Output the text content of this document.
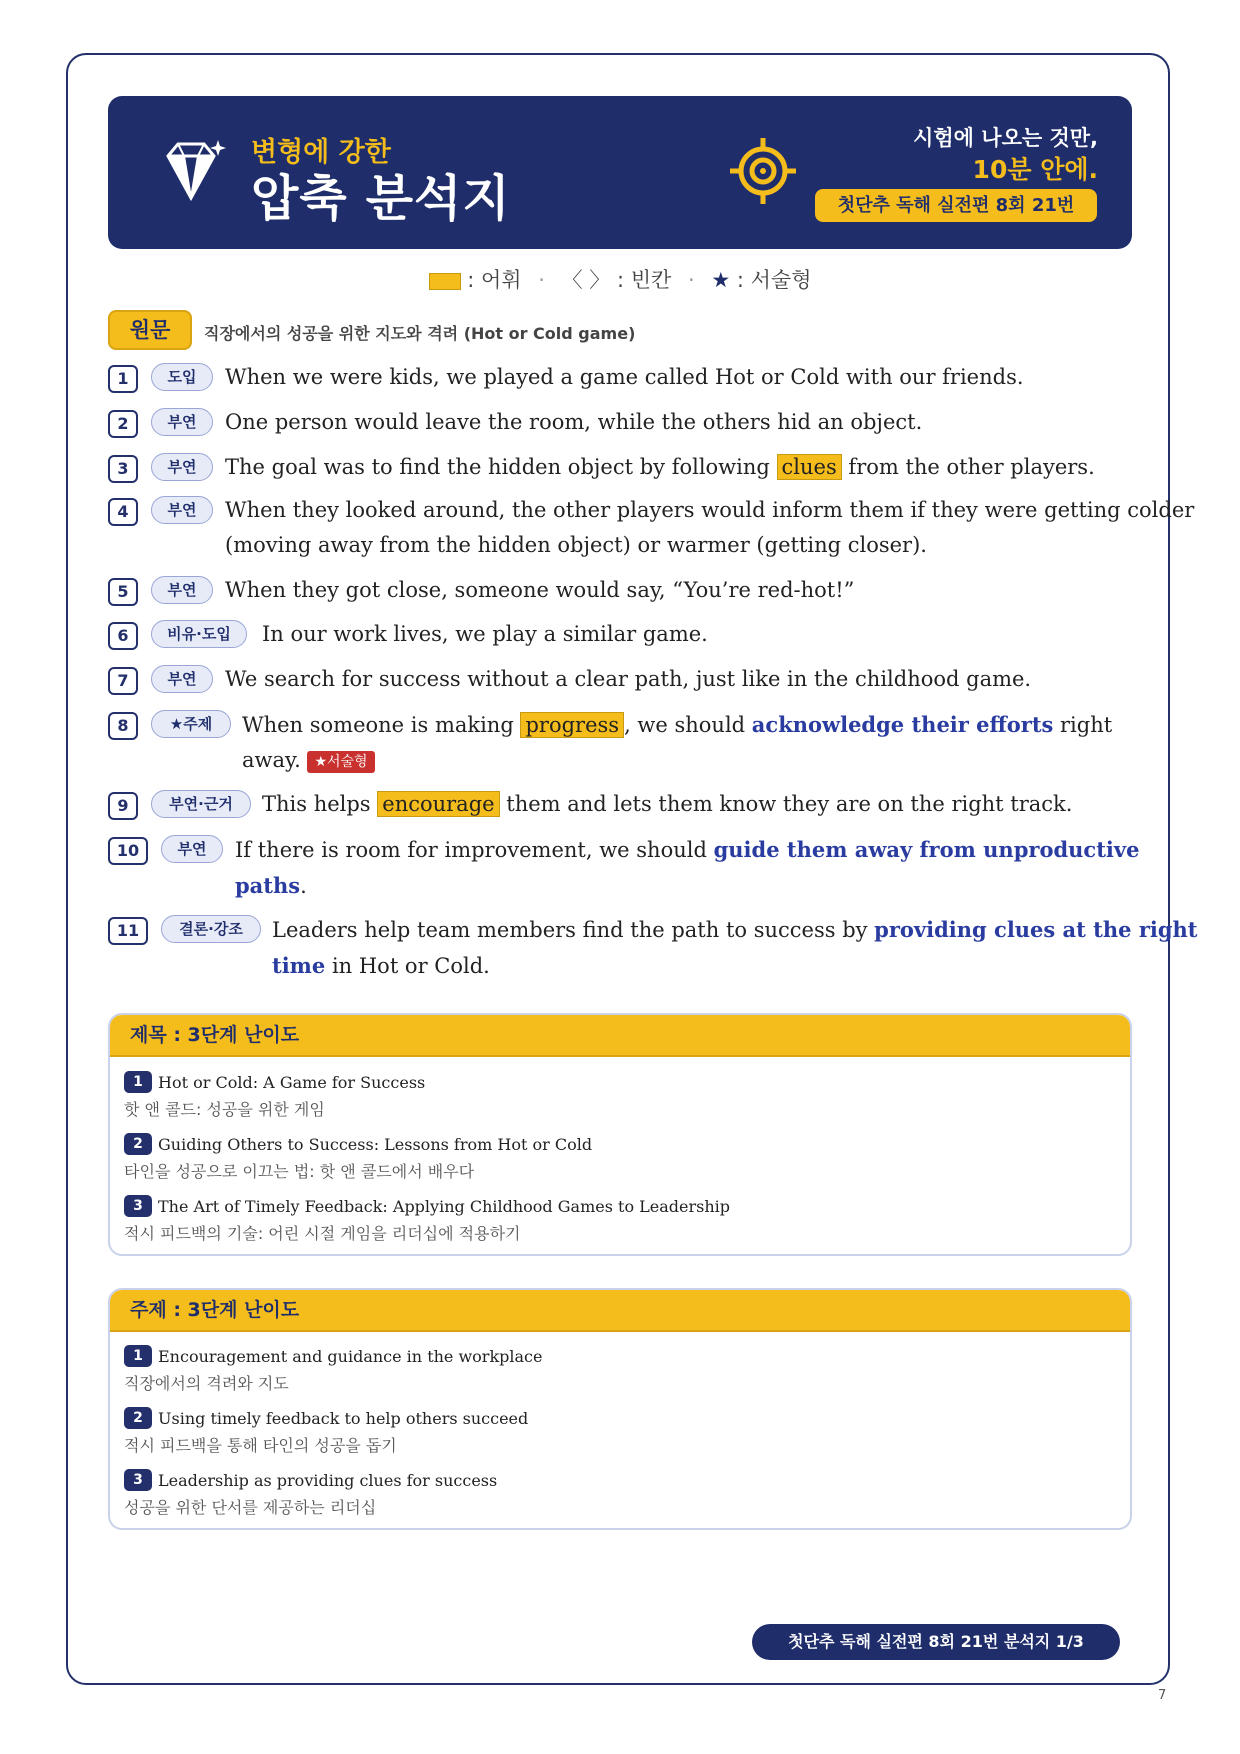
변형에 강한
압축 분석지
시험에 나오는 것만,
10분 안에.
첫단추 독해 실전편 8회 21번
: 어휘 · 〈 〉 : 빈칸 · ★ : 서술형
원문	직장에서의 성공을 위한 지도와 격려 (Hot or Cold game)
1	도입	When we were kids, we played a game called Hot or Cold with our friends.
2	부연	One person would leave the room, while the others hid an object.
3	부연	The goal was to find the hidden object by following clues from the other players.
4	부연	When they looked around, the other players would inform them if they were getting colder
(moving away from the hidden object) or warmer (getting closer).
5	부연	When they got close, someone would say, “You’re red-hot!”
6	비유·도입	In our work lives, we play a similar game.
7	부연	We search for success without a clear path, just like in the childhood game.
8	★주제	When someone is making progress , we should acknowledge their efforts right
away. ★서술형
9	부연·근거	This helps encourage them and lets them know they are on the right track.
10	부연	If there is room for improvement, we should guide them away from unproductive
paths.
11	결론·강조	Leaders help team members find the path to success by providing clues at the right
time in Hot or Cold.
제목 : 3단계 난이도
1 Hot or Cold: A Game for Success
핫 앤 콜드: 성공을 위한 게임
2 Guiding Others to Success: Lessons from Hot or Cold
타인을 성공으로 이끄는 법: 핫 앤 콜드에서 배우다
3 The Art of Timely Feedback: Applying Childhood Games to Leadership
적시 피드백의 기술: 어린 시절 게임을 리더십에 적용하기
주제 : 3단계 난이도
1 Encouragement and guidance in the workplace
직장에서의 격려와 지도
2 Using timely feedback to help others succeed
적시 피드백을 통해 타인의 성공을 돕기
3 Leadership as providing clues for success
성공을 위한 단서를 제공하는 리더십
첫단추 독해 실전편 8회 21번 분석지 1/3
7
